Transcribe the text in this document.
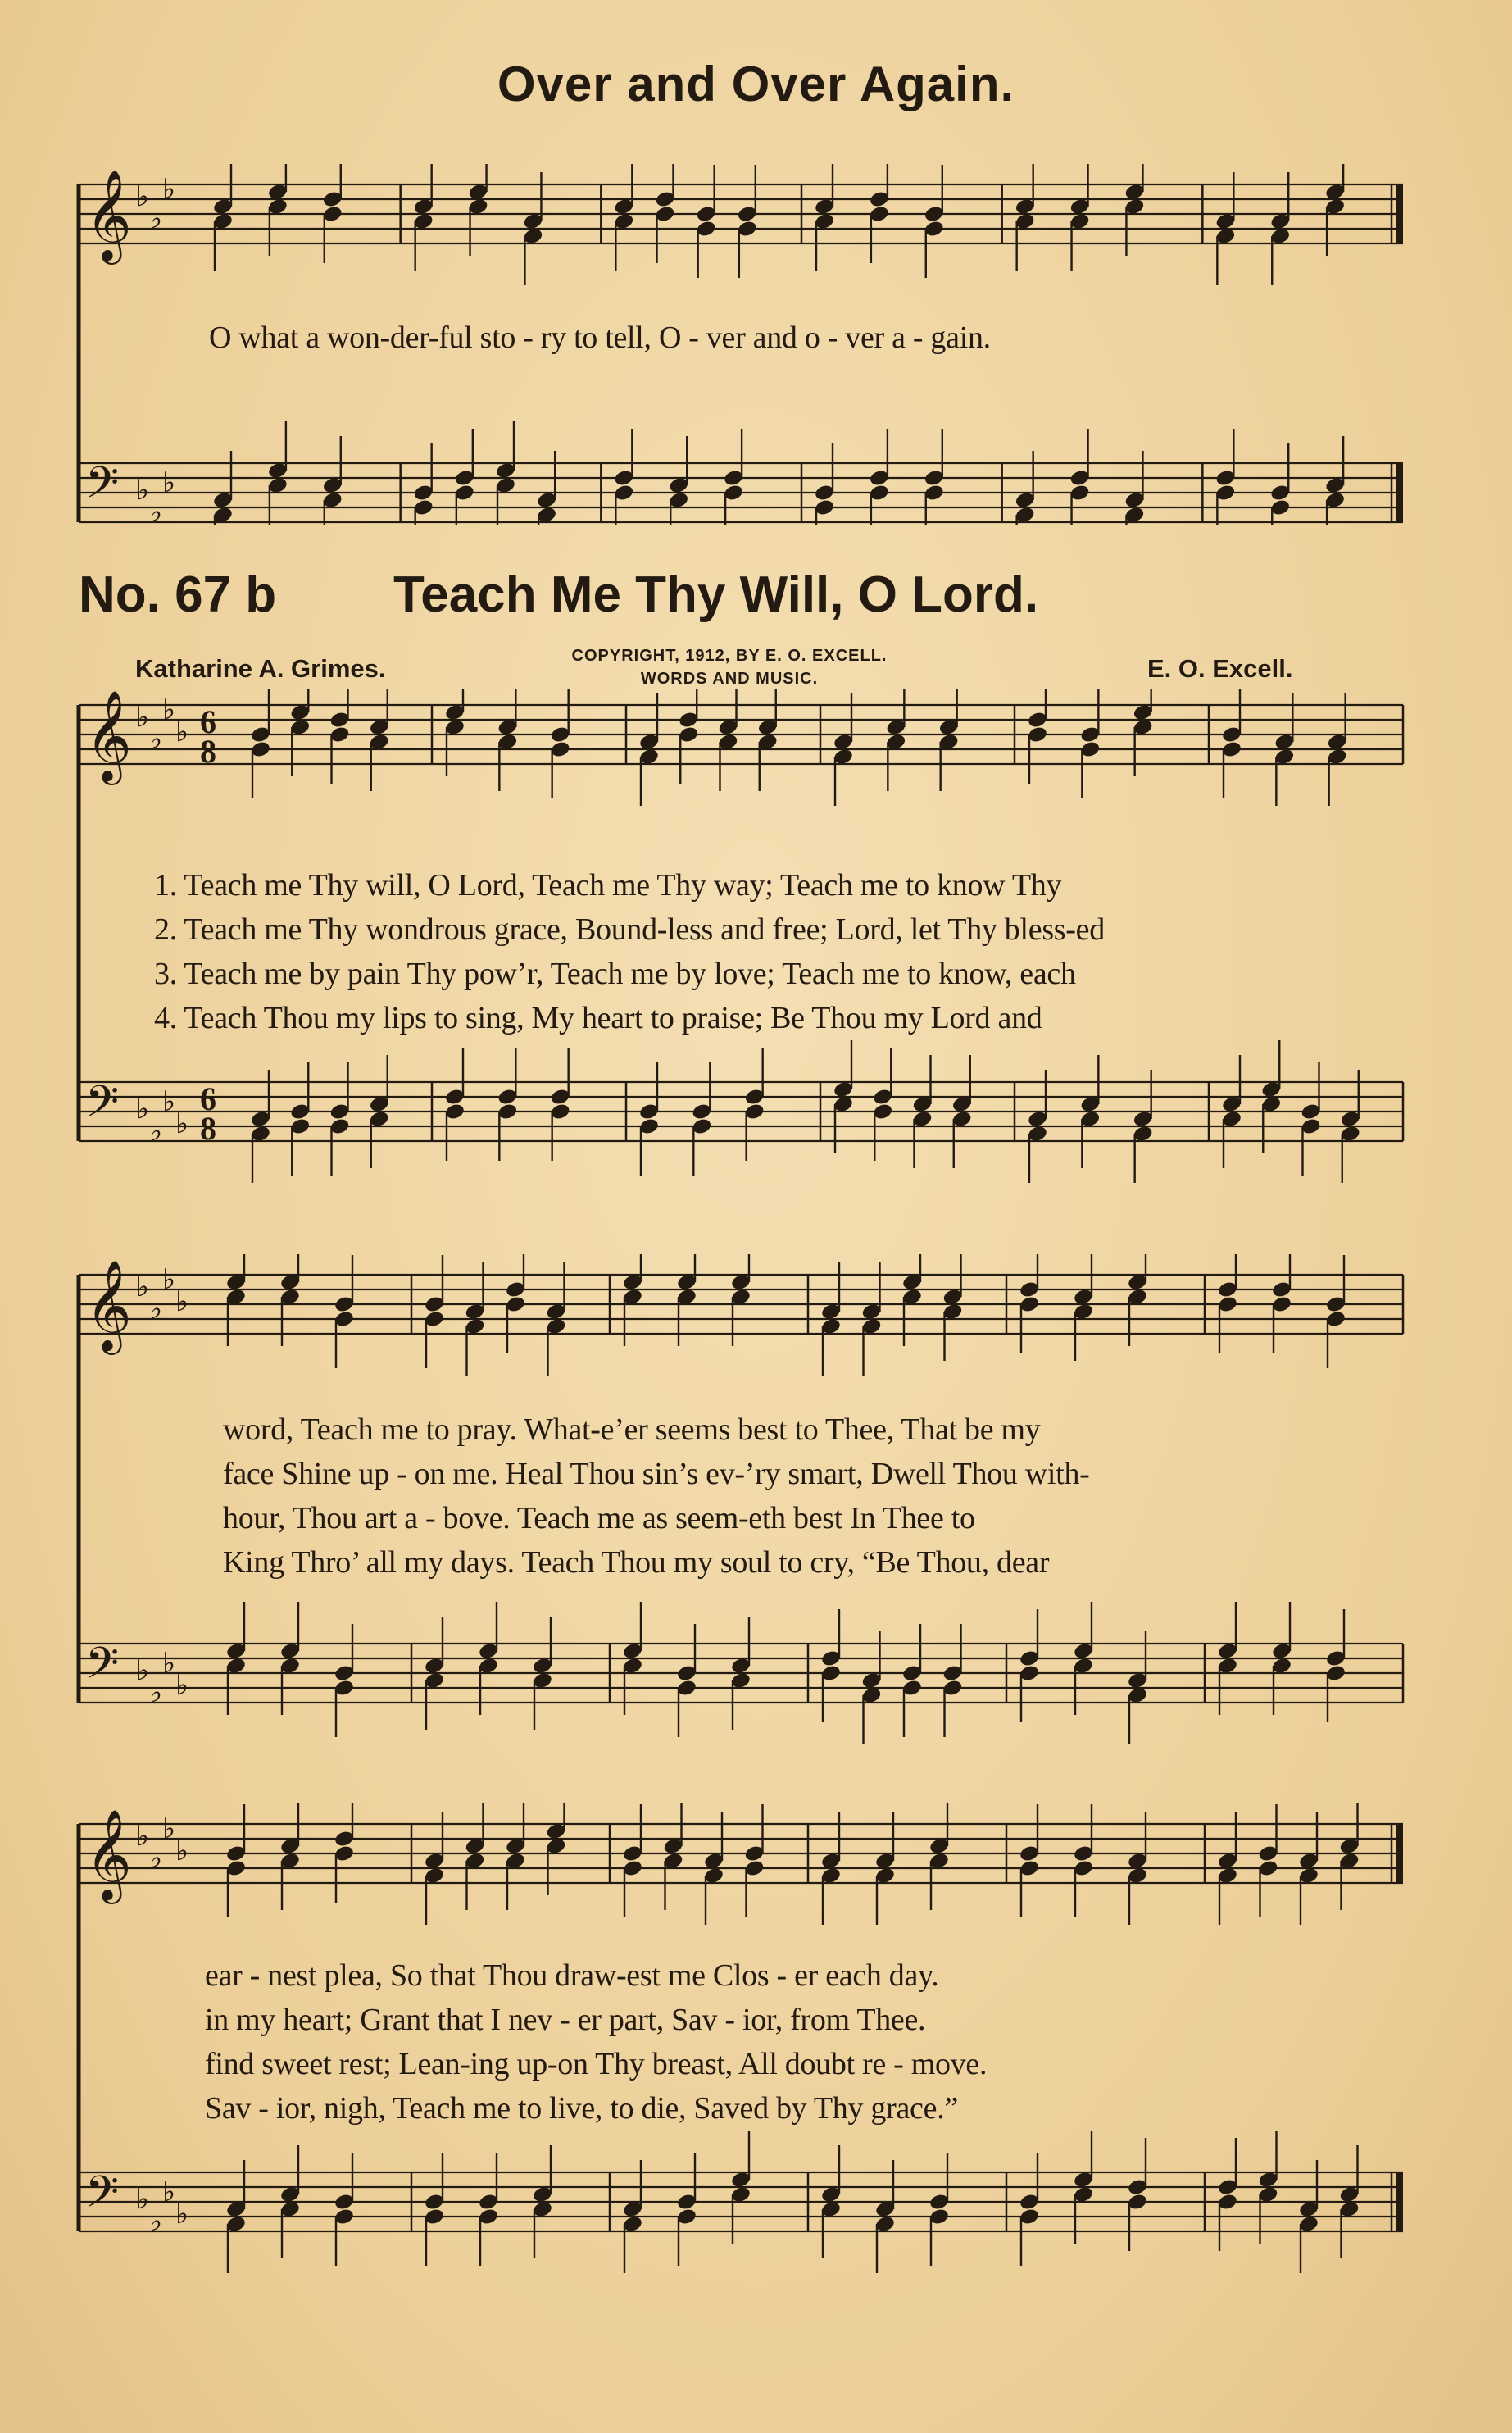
Over and Over Again.
𝄞 ♭
♭
♭
𝄢 ♭
♭
♭
O what a won-der-ful sto - ry to tell, O - ver and o - ver a - gain.
No. 67 b Teach Me Thy Will, O Lord.
Katharine A. Grimes.	COPYRIGHT, 1912, BY E. O. EXCELL.
WORDS AND MUSIC.	E. O. Excell.
𝄞 ♭
♭
♭
♭ 6
8
𝄢 ♭
♭
♭
♭
6
8
1. Teach me Thy will, O Lord, Teach me Thy way; Teach me to know Thy
2. Teach me Thy wondrous grace, Bound-less and free; Lord, let Thy bless-ed
3. Teach me by pain Thy pow’r, Teach me by love; Teach me to know, each
4. Teach Thou my lips to sing, My heart to praise; Be Thou my Lord and
𝄞 ♭
♭
♭
♭
𝄢 ♭
♭
♭
♭
word, Teach me to pray. What-e’er seems best to Thee, That be my
face Shine up - on me. Heal Thou sin’s ev-’ry smart, Dwell Thou with-
hour, Thou art a - bove. Teach me as seem-eth best In Thee to
King Thro’ all my days. Teach Thou my soul to cry, “Be Thou, dear
𝄞 ♭
♭
♭
♭
𝄢 ♭
♭
♭
♭
ear - nest plea, So that Thou draw-est me Clos - er each day.
in my heart; Grant that I nev - er part, Sav - ior, from Thee.
find sweet rest; Lean-ing up-on Thy breast, All doubt re - move.
Sav - ior, nigh, Teach me to live, to die, Saved by Thy grace.”
